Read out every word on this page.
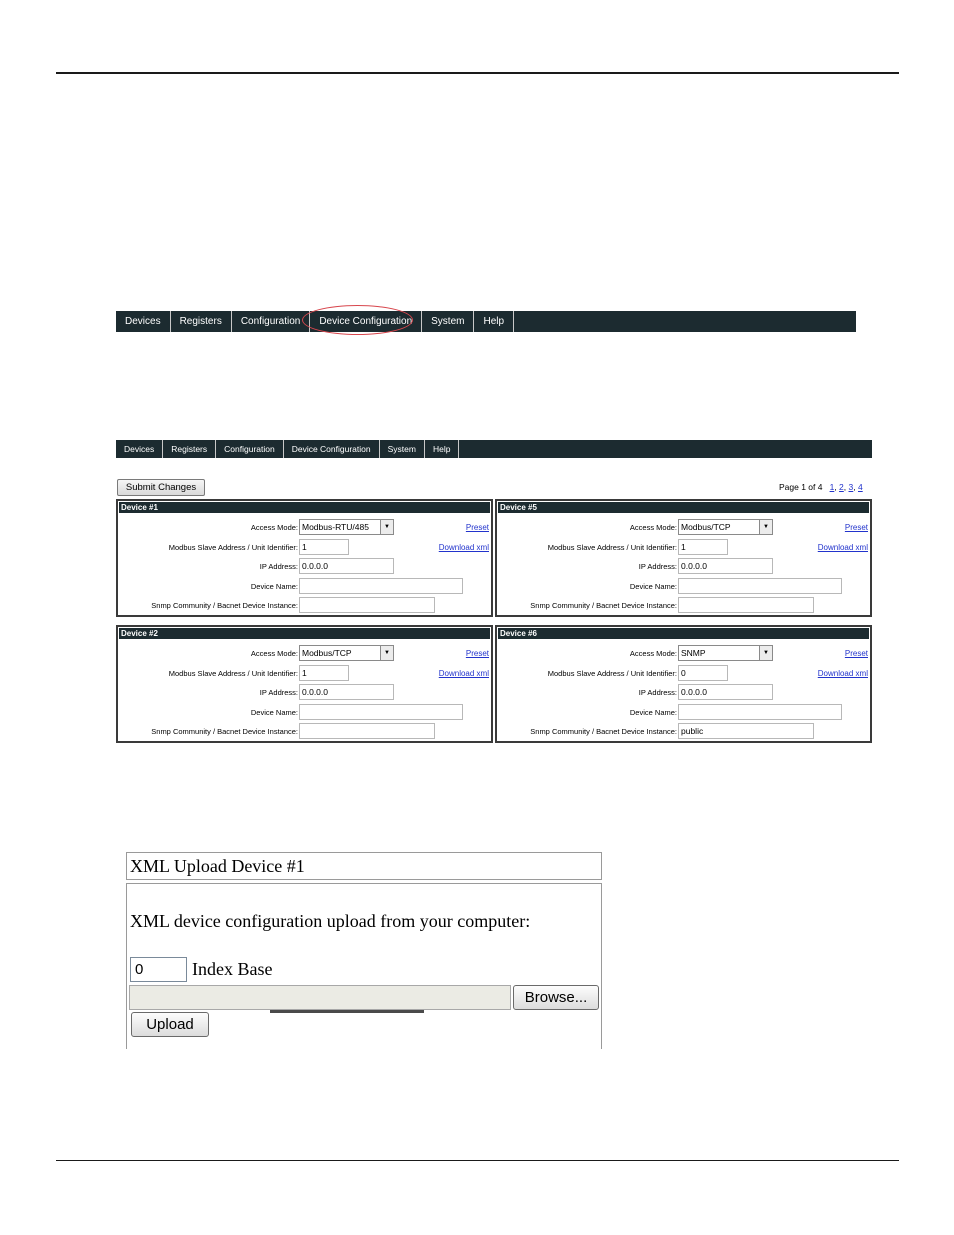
Devices	Registers	Configuration	Device Configuration	System	Help
Devices	Registers	Configuration	Device Configuration	System	Help
Submit Changes	Page 1 of 4 1, 2, 3, 4
Device #1
Access Mode: Modbus-RTU/485	▼	Preset
Modbus Slave Address / Unit Identifier: 1	Download xml
IP Address: 0.0.0.0
Device Name:
Snmp Community / Bacnet Device Instance:
Device #5
Access Mode: Modbus/TCP	▼	Preset
Modbus Slave Address / Unit Identifier: 1	Download xml
IP Address: 0.0.0.0
Device Name:
Snmp Community / Bacnet Device Instance:
Device #2
Access Mode: Modbus/TCP	▼	Preset
Modbus Slave Address / Unit Identifier: 1	Download xml
IP Address: 0.0.0.0
Device Name:
Snmp Community / Bacnet Device Instance:
Device #6
Access Mode: SNMP	▼	Preset
Modbus Slave Address / Unit Identifier: 0	Download xml
IP Address: 0.0.0.0
Device Name:
Snmp Community / Bacnet Device Instance: public
XML Upload Device #1
XML device configuration upload from your computer:
0	Index Base
Browse...
Upload
